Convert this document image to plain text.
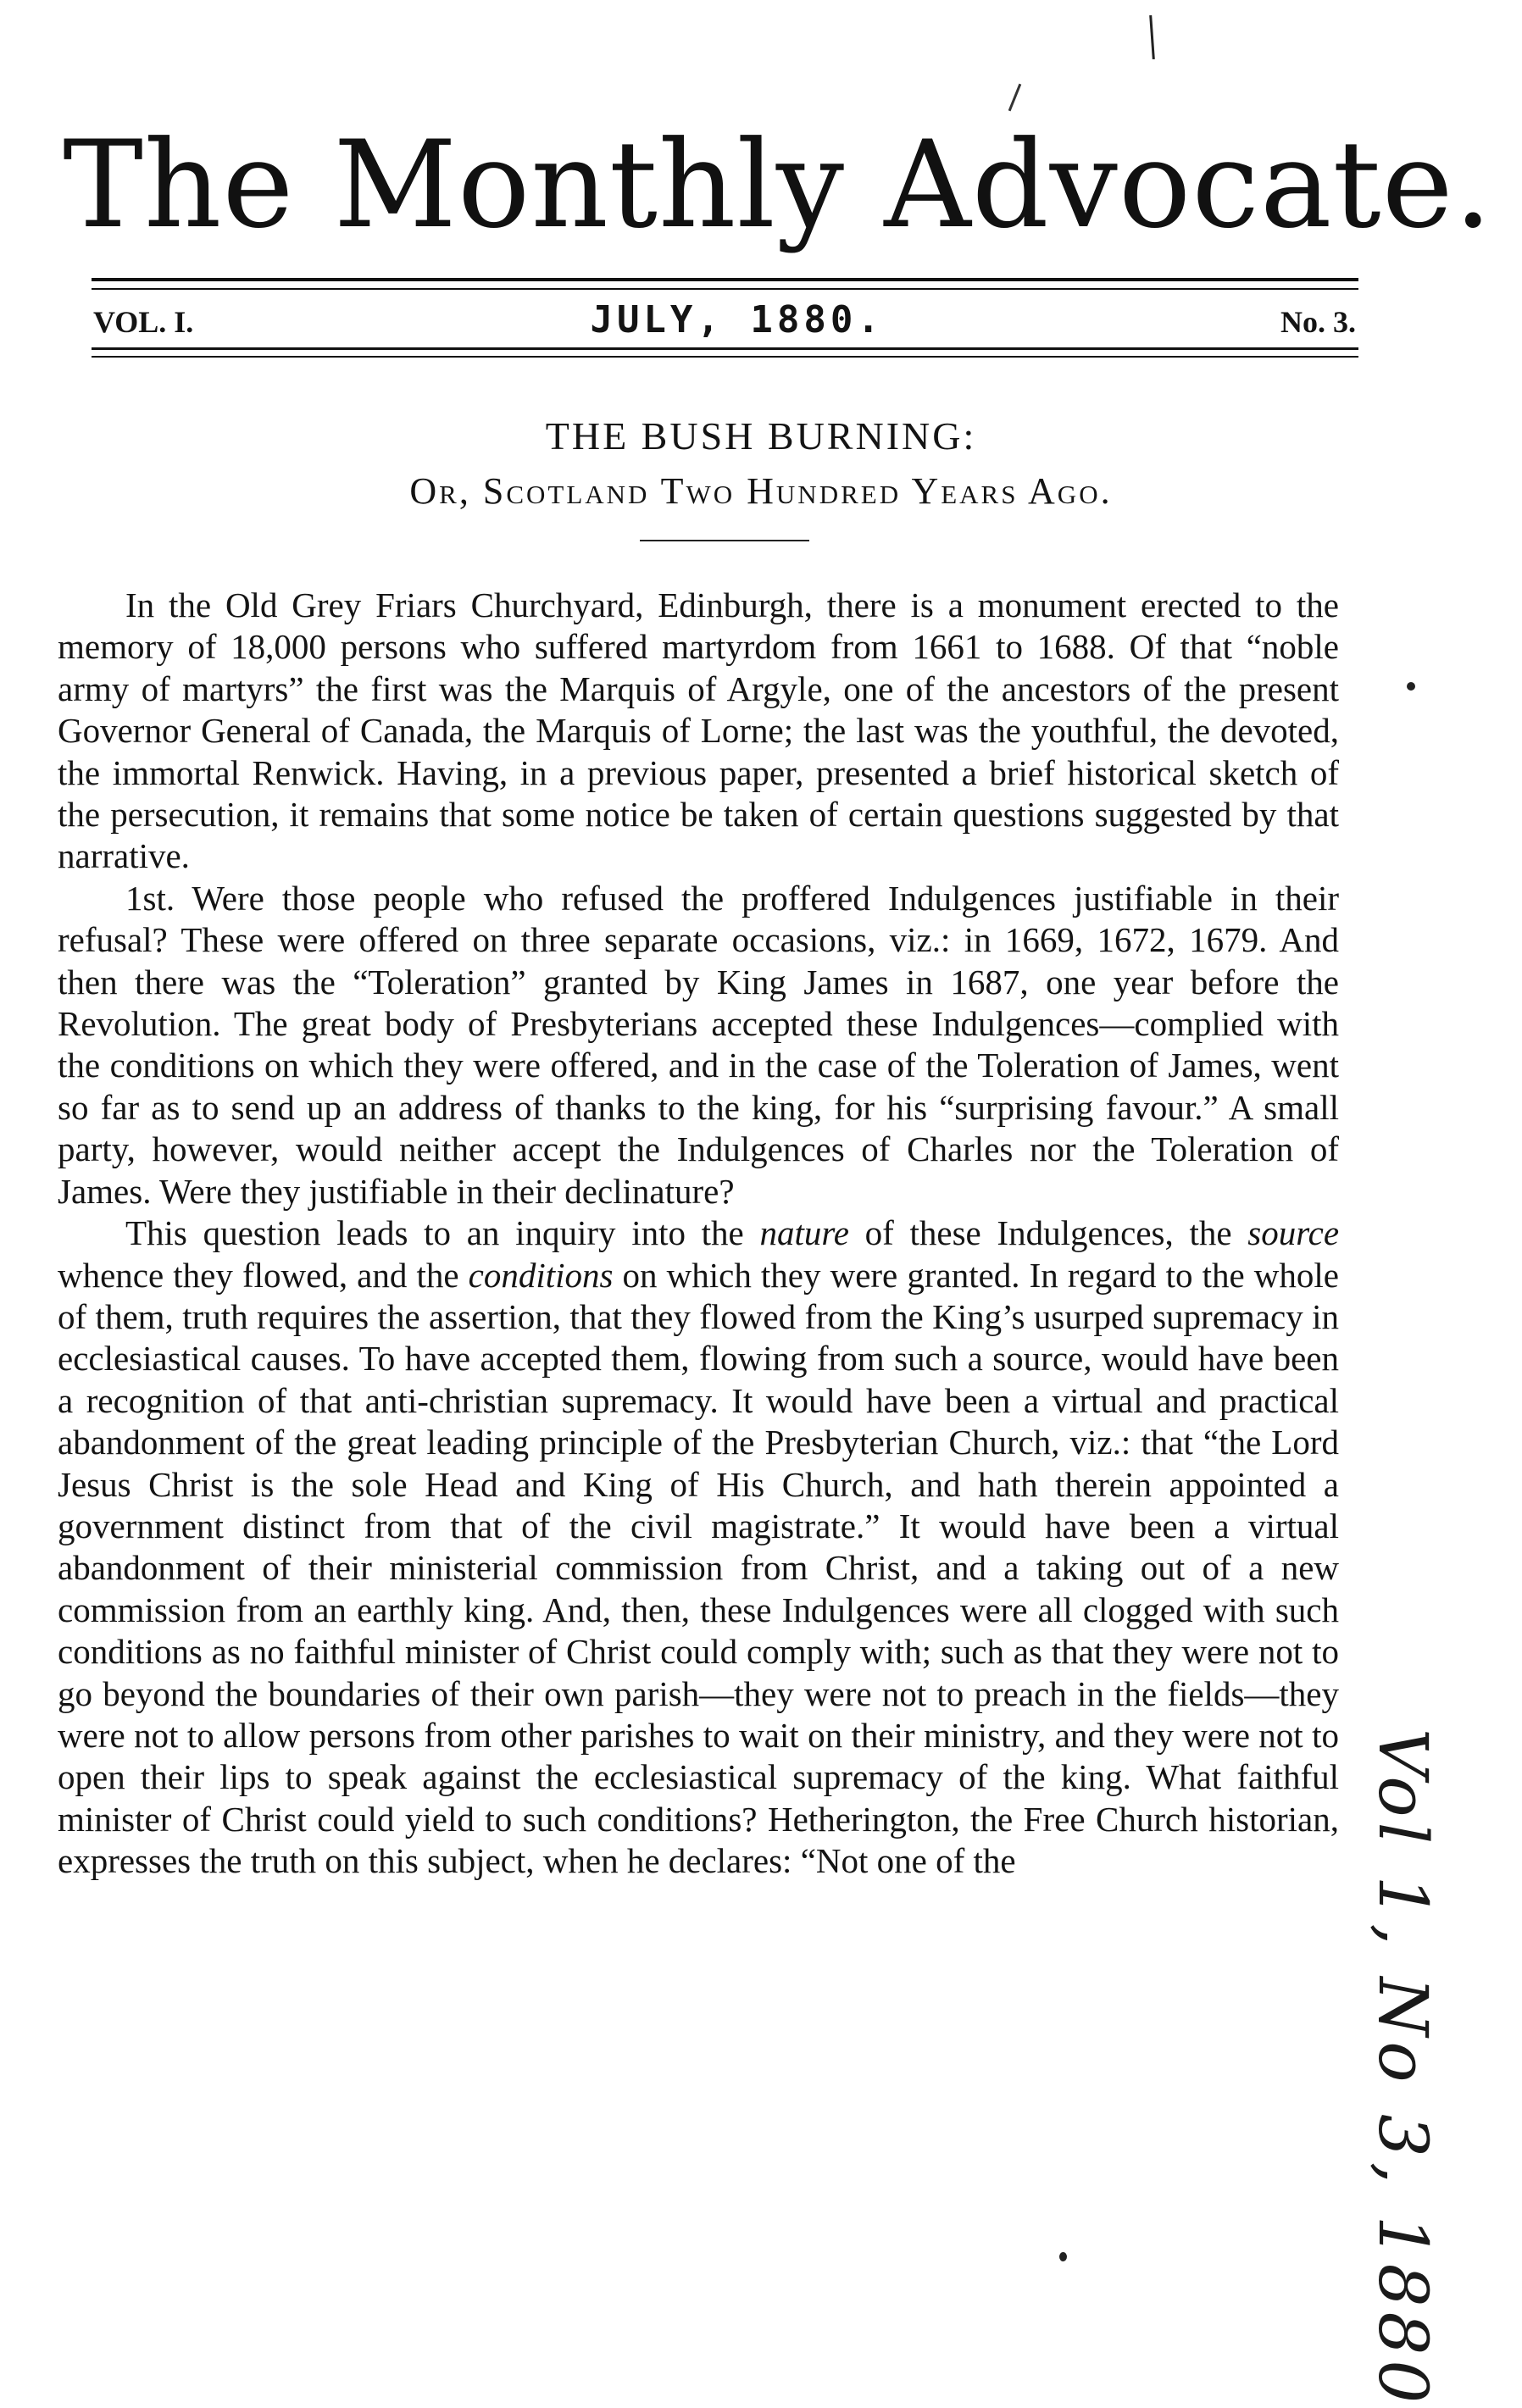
The Monthly Advocate.
VOL. I.	JULY, 1880.	No. 3.
THE BUSH BURNING:
Or, Scotland Two Hundred Years Ago.

In the Old Grey Friars Churchyard, Edinburgh, there is a monument erected to the memory of 18,000 persons who suffered martyrdom from 1661 to 1688. Of that “noble army of martyrs” the first was the Marquis of Argyle, one of the ancestors of the present Governor General of Canada, the Marquis of Lorne; the last was the youthful, the devoted, the immortal Renwick. Having, in a previous paper, presented a brief historical sketch of the persecution, it remains that some notice be taken of certain questions suggested by that narrative.

1st. Were those people who refused the proffered Indulgences justifiable in their refusal? These were offered on three separate occasions, viz.: in 1669, 1672, 1679. And then there was the “Toleration” granted by King James in 1687, one year before the Revolution. The great body of Presbyterians accepted these Indulgences—complied with the conditions on which they were offered, and in the case of the Toleration of James, went so far as to send up an address of thanks to the king, for his “surprising favour.” A small party, however, would neither accept the Indulgences of Charles nor the Toleration of James. Were they justifiable in their declinature?

This question leads to an inquiry into the nature of these Indulgences, the source whence they flowed, and the conditions on which they were granted. In regard to the whole of them, truth requires the assertion, that they flowed from the King’s usurped supremacy in ecclesiastical causes. To have accepted them, flowing from such a source, would have been a recognition of that anti-christian supremacy. It would have been a virtual and practical abandonment of the great leading principle of the Presbyterian Church, viz.: that “the Lord Jesus Christ is the sole Head and King of His Church, and hath therein appointed a government distinct from that of the civil magistrate.” It would have been a virtual abandonment of their ministerial commission from Christ, and a taking out of a new commission from an earthly king. And, then, these Indulgences were all clogged with such conditions as no faithful minister of Christ could comply with; such as that they were not to go beyond the boundaries of their own parish—they were not to preach in the fields—they were not to allow persons from other parishes to wait on their ministry, and they were not to open their lips to speak against the ecclesiastical supremacy of the king. What faithful minister of Christ could yield to such conditions? Hetherington, the Free Church historian, expresses the truth on this subject, when he declares: “Not one of the	Vol 1, No 3, 1880
